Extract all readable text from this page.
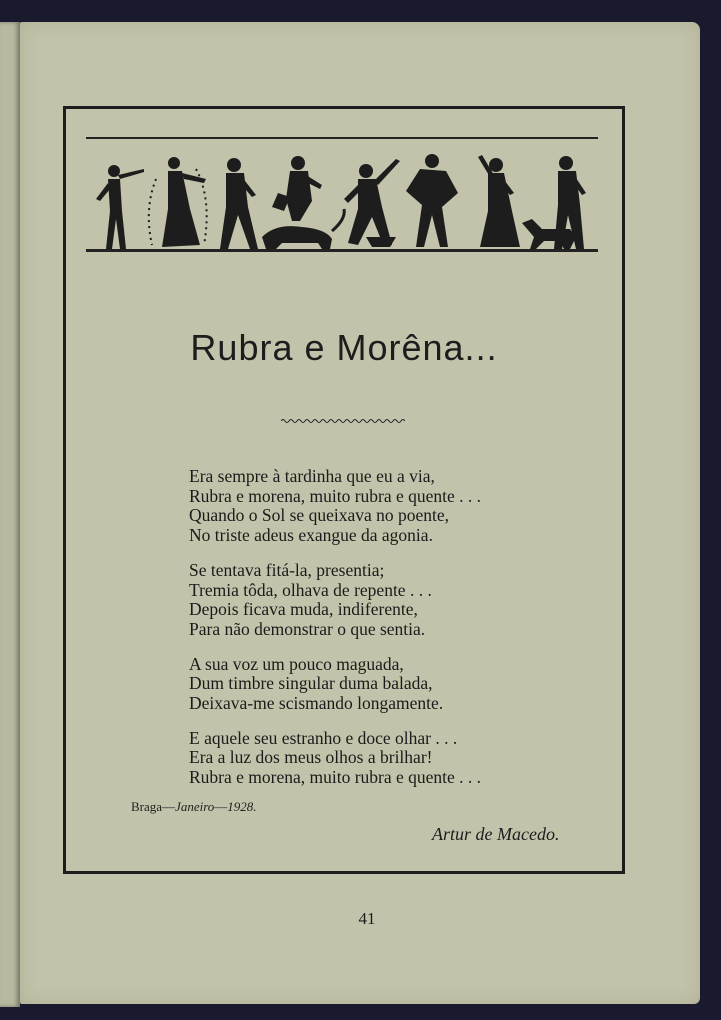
Rubra e Morêna...
Era sempre à tardinha que eu a via,
Rubra e morena, muito rubra e quente . . .
Quando o Sol se queixava no poente,
No triste adeus exangue da agonia.
Se tentava fitá-la, presentia;
Tremia tôda, olhava de repente . . .
Depois ficava muda, indiferente,
Para não demonstrar o que sentia.
A sua voz um pouco maguada,
Dum timbre singular duma balada,
Deixava-me scismando longamente.
E aquele seu estranho e doce olhar . . .
Era a luz dos meus olhos a brilhar!
Rubra e morena, muito rubra e quente . . .
Braga—Janeiro—1928.
Artur de Macedo.
41
